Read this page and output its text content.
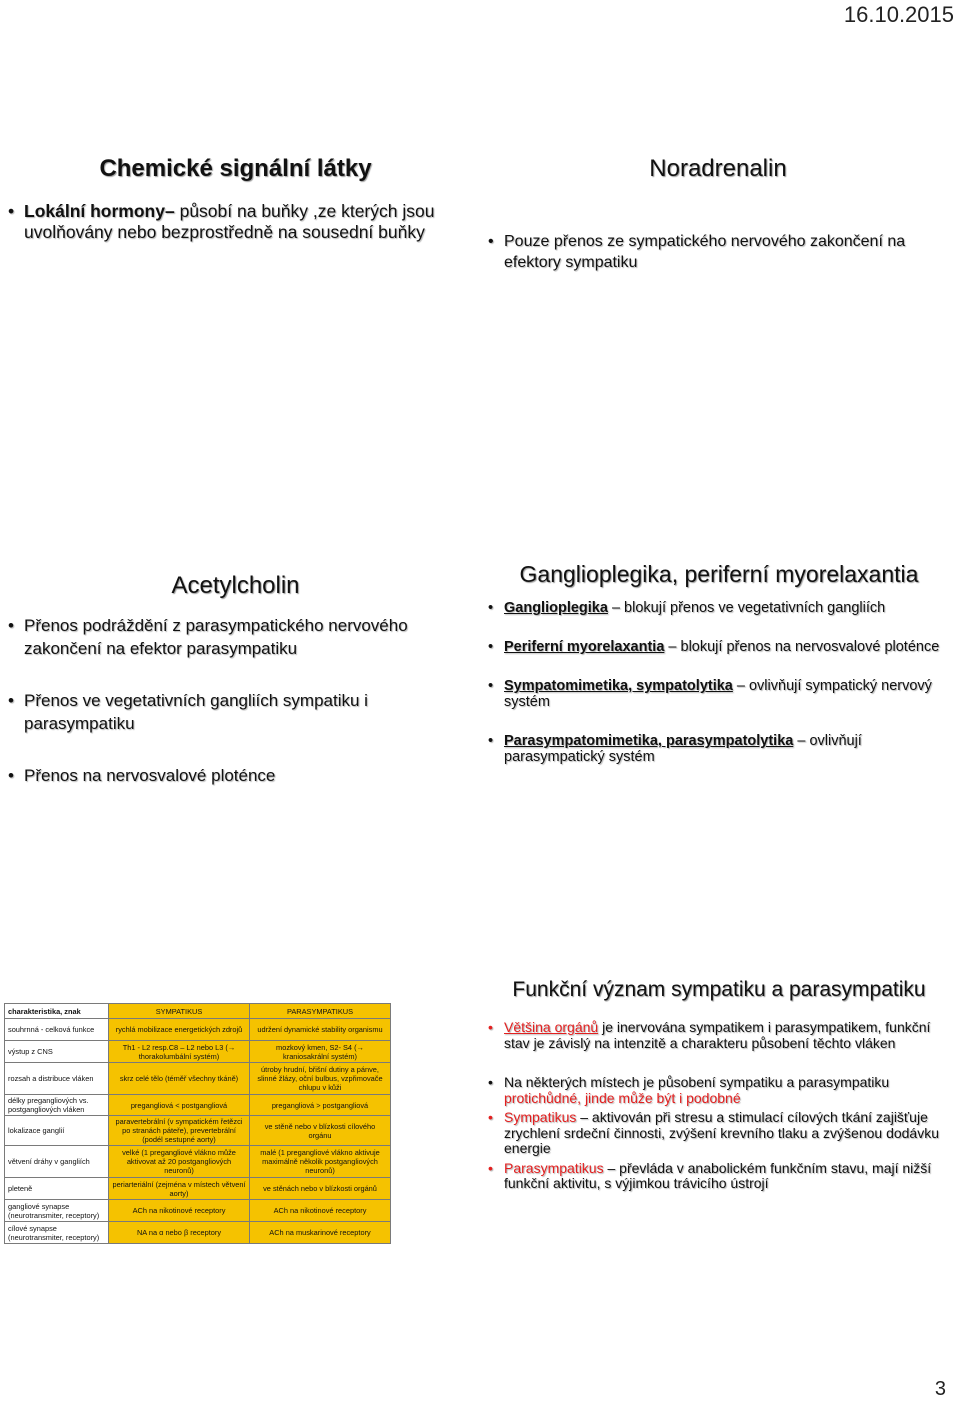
16.10.2015
Chemické signální látky
• Lokální hormony– působí na buňky ,ze kterých jsou uvolňovány nebo bezprostředně na sousední buňky
Noradrenalin
• Pouze přenos ze sympatického nervového zakončení na efektory sympatiku
Acetylcholin
• Přenos podráždění z parasympatického nervového zakončení na efektor parasympatiku
• Přenos ve vegetativních gangliích sympatiku i parasympatiku
• Přenos na nervosvalové ploténce
Ganglioplegika, periferní myorelaxantia
• Ganglioplegika – blokují přenos ve vegetativních gangliích
• Periferní myorelaxantia – blokují přenos na nervosvalové ploténce
• Sympatomimetika, sympatolytika – ovlivňují sympatický nervový systém
• Parasympatomimetika, parasympatolytika – ovlivňují parasympatický systém
charakteristika, znak	SYMPATIKUS	PARASYMPATIKUS
souhrnná - celková funkce	rychlá mobilizace energetických zdrojů	udržení dynamické stability organismu
výstup z CNS	Th1 - L2 resp.C8 – L2 nebo L3 (→ thorakolumbální systém)	mozkový kmen, S2- S4 (→ kraniosakrální systém)
rozsah a distribuce vláken	skrz celé tělo (téměř všechny tkáně)	útroby hrudní, břišní dutiny a pánve, slinné žlázy, oční bulbus, vzpřimovače chlupu v kůži
délky pregangliových vs. postgangliových vláken	pregangliová < postgangliová	pregangliová > postgangliová
lokalizace ganglií	paravertebrální (v sympatickém řetězci po stranách páteře), prevertebrální (podél sestupné aorty)	ve stěně nebo v blízkosti cílového orgánu
větvení dráhy v gangliích	velké (1 pregangliové vlákno může aktivovat až 20 postgangliových neuronů)	malé (1 pregangliové vlákno aktivuje maximálně několik postgangliových neuronů)
pleteně	periarteriální (zejména v místech větvení aorty)	ve stěnách nebo v blízkosti orgánů
gangliové synapse (neurotransmiter, receptory)	ACh na nikotinové receptory	ACh na nikotinové receptory
cílové synapse (neurotransmiter, receptory)	NA na α nebo β receptory	ACh na muskarinové receptory
Funkční význam sympatiku a parasympatiku
• Většina orgánů je inervována sympatikem i parasympatikem, funkční stav je závislý na intenzitě a charakteru působení těchto vláken
• Na některých místech je působení sympatiku a parasympatiku protichůdné, jinde může být i podobné
• Sympatikus – aktivován při stresu a stimulací cílových tkání zajišťuje zrychlení srdeční činnosti, zvýšení krevního tlaku a zvýšenou dodávku energie
• Parasympatikus – převláda v anabolickém funkčním stavu, mají nižší funkční aktivitu, s výjimkou trávicího ústrojí
3
